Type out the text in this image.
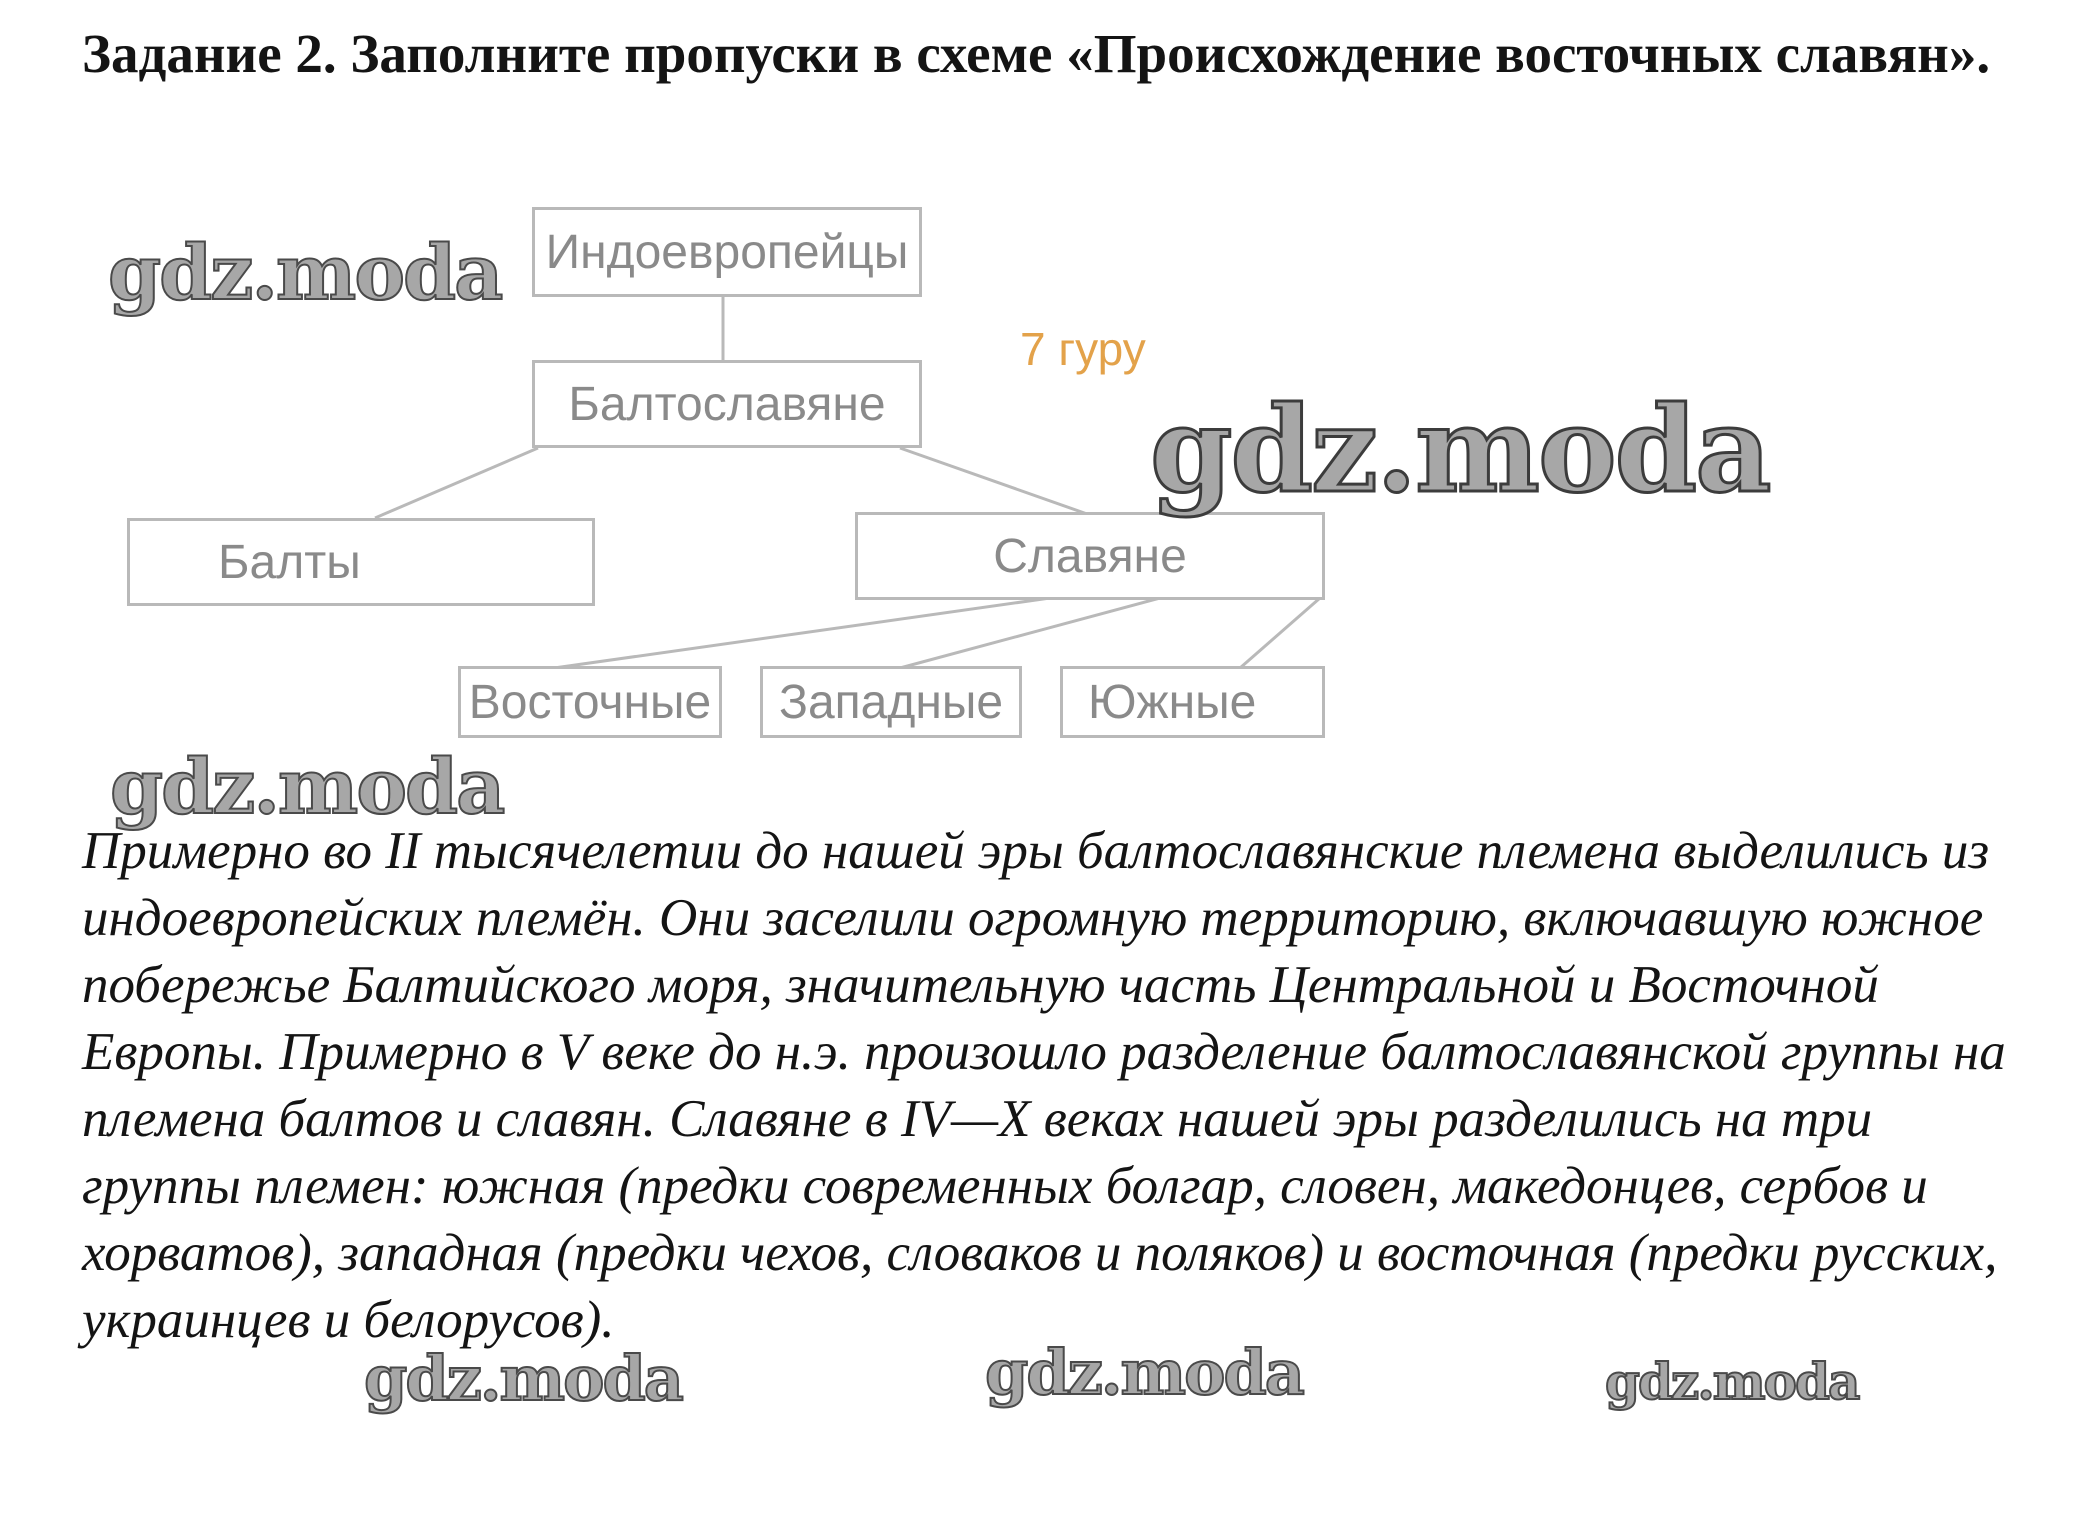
Задание 2. Заполните пропуски в схеме «Происхождение восточных славян».
Индоевропейцы
Балтославяне
Балты	Славяне
Восточные	Западные	Южные
7 гуру
gdz.moda
gdz.moda
gdz.moda

Примерно во II тысячелетии до нашей эры балтославянские племена выделились из индоевропейских племён. Они заселили огромную территорию, включавшую южное побережье Балтийского моря, значительную часть Центральной и Восточной Европы. Примерно в V веке до н.э. произошло разделение балтославянской группы на племена балтов и славян. Славяне в IV—X веках нашей эры разделились на три группы племен: южная (предки современных болгар, словен, македонцев, сербов и хорватов), западная (предки чехов, словаков и поляков) и восточная (предки русских, украинцев и белорусов).

gdz.moda	gdz.moda	gdz.moda
